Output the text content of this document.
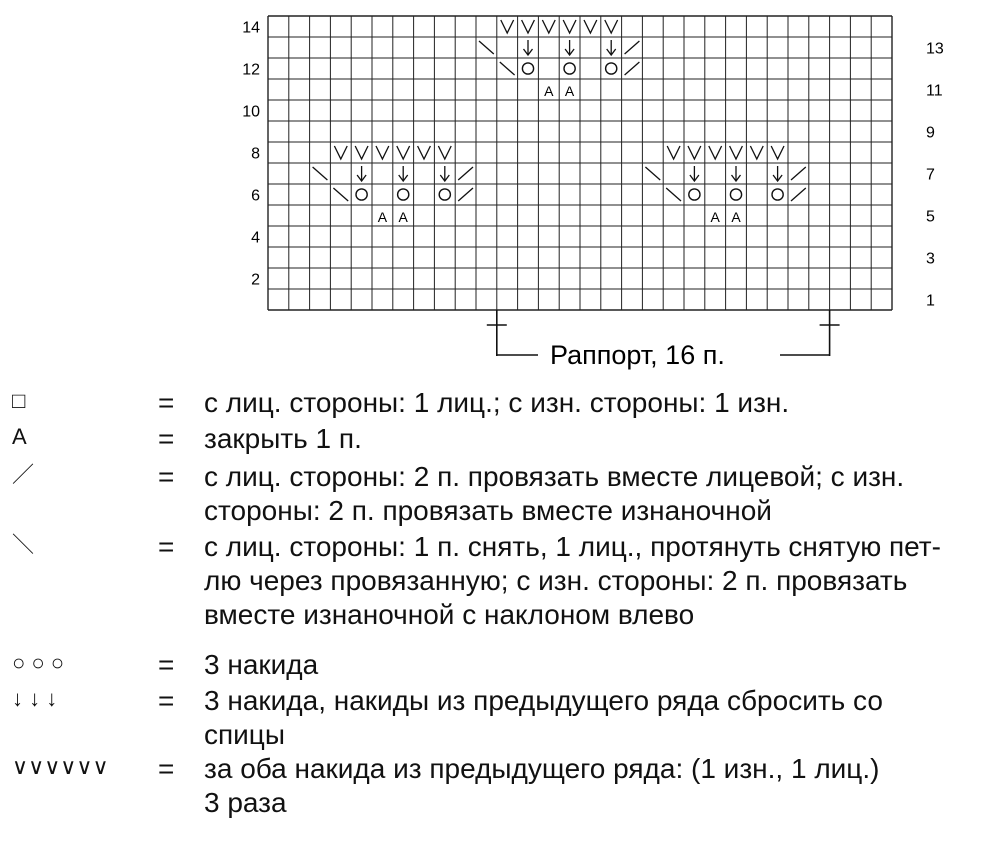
A A
A A	A A
14
12
10
8
6
4
2
13
11
9
7
5
3
1
Раппорт, 16 п.
□	= с лиц. стороны: 1 лиц.; с изн. стороны: 1 изн.
A	= закрыть 1 п.
／	= с лиц. стороны: 2 п. провязать вместе лицевой; с изн.
стороны: 2 п. провязать вместе изнаночной
＼	= с лиц. стороны: 1 п. снять, 1 лиц., протянуть снятую пет-
лю через провязанную; с изн. стороны: 2 п. провязать
вместе изнаночной с наклоном влево
○ ○ ○	= 3 накида
↓ ↓ ↓	= 3 накида, накиды из предыдущего ряда сбросить со
спицы
∨∨∨∨∨∨ = за оба накида из предыдущего ряда: (1 изн., 1 лиц.)
3 раза
